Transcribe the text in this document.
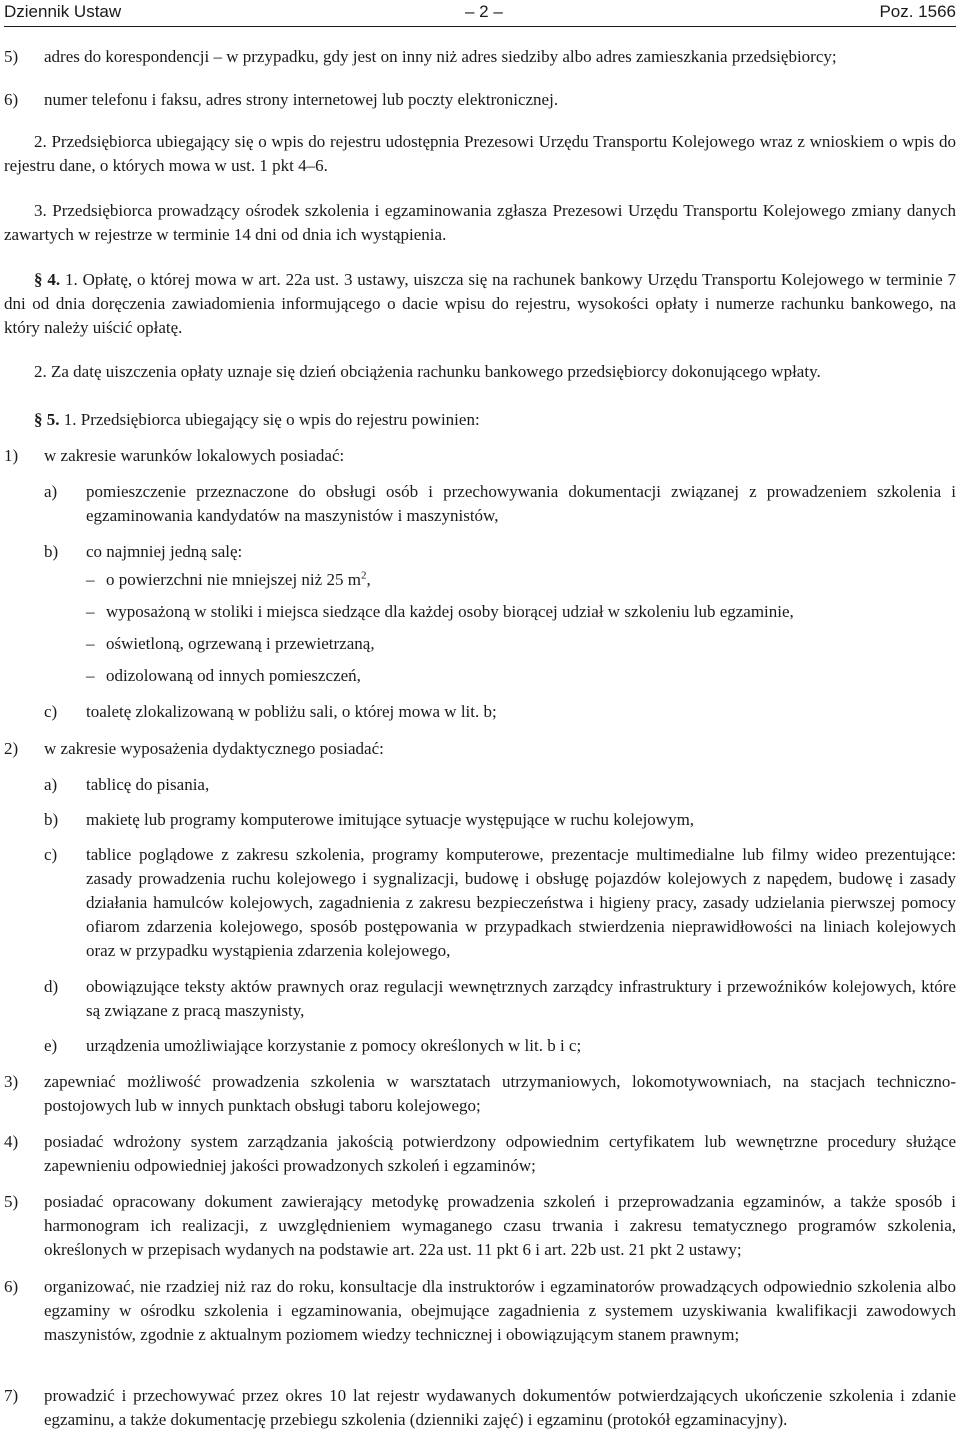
Dziennik Ustaw	– 2 –	Poz. 1566
5)	adres do korespondencji – w przypadku, gdy jest on inny niż adres siedziby albo adres zamieszkania przedsiębiorcy;
6)	numer telefonu i faksu, adres strony internetowej lub poczty elektronicznej.
2. Przedsiębiorca ubiegający się o wpis do rejestru udostępnia Prezesowi Urzędu Transportu Kolejowego wraz z wnioskiem o wpis do rejestru dane, o których mowa w ust. 1 pkt 4–6.
3. Przedsiębiorca prowadzący ośrodek szkolenia i egzaminowania zgłasza Prezesowi Urzędu Transportu Kolejowego zmiany danych zawartych w rejestrze w terminie 14 dni od dnia ich wystąpienia.
§ 4. 1. Opłatę, o której mowa w art. 22a ust. 3 ustawy, uiszcza się na rachunek bankowy Urzędu Transportu Kolejowego w terminie 7 dni od dnia doręczenia zawiadomienia informującego o dacie wpisu do rejestru, wysokości opłaty i numerze rachunku bankowego, na który należy uiścić opłatę.
2. Za datę uiszczenia opłaty uznaje się dzień obciążenia rachunku bankowego przedsiębiorcy dokonującego wpłaty.
§ 5. 1. Przedsiębiorca ubiegający się o wpis do rejestru powinien:
1)	w zakresie warunków lokalowych posiadać:
a)	pomieszczenie przeznaczone do obsługi osób i przechowywania dokumentacji związanej z prowadzeniem szkolenia i egzaminowania kandydatów na maszynistów i maszynistów,
b)	co najmniej jedną salę:
– o powierzchni nie mniejszej niż 25 $m^2$,
– wyposażoną w stoliki i miejsca siedzące dla każdej osoby biorącej udział w szkoleniu lub egzaminie,
– oświetloną, ogrzewaną i przewietrzaną,
– odizolowaną od innych pomieszczeń,
c)	toaletę zlokalizowaną w pobliżu sali, o której mowa w lit. b;
2)	w zakresie wyposażenia dydaktycznego posiadać:
a)	tablicę do pisania,
b)	makietę lub programy komputerowe imitujące sytuacje występujące w ruchu kolejowym,
c)	tablice poglądowe z zakresu szkolenia, programy komputerowe, prezentacje multimedialne lub filmy wideo prezentujące: zasady prowadzenia ruchu kolejowego i sygnalizacji, budowę i obsługę pojazdów kolejowych z napędem, budowę i zasady działania hamulców kolejowych, zagadnienia z zakresu bezpieczeństwa i higieny pracy, zasady udzielania pierwszej pomocy ofiarom zdarzenia kolejowego, sposób postępowania w przypadkach stwierdzenia nieprawidłowości na liniach kolejowych oraz w przypadku wystąpienia zdarzenia kolejowego,
d)	obowiązujące teksty aktów prawnych oraz regulacji wewnętrznych zarządcy infrastruktury i przewoźników kolejowych, które są związane z pracą maszynisty,
e)	urządzenia umożliwiające korzystanie z pomocy określonych w lit. b i c;
3)	zapewniać możliwość prowadzenia szkolenia w warsztatach utrzymaniowych, lokomotywowniach, na stacjach techniczno-postojowych lub w innych punktach obsługi taboru kolejowego;
4)	posiadać wdrożony system zarządzania jakością potwierdzony odpowiednim certyfikatem lub wewnętrzne procedury służące zapewnieniu odpowiedniej jakości prowadzonych szkoleń i egzaminów;
5)	posiadać opracowany dokument zawierający metodykę prowadzenia szkoleń i przeprowadzania egzaminów, a także sposób i harmonogram ich realizacji, z uwzględnieniem wymaganego czasu trwania i zakresu tematycznego programów szkolenia, określonych w przepisach wydanych na podstawie art. 22a ust. 11 pkt 6 i art. 22b ust. 21 pkt 2 ustawy;
6)	organizować, nie rzadziej niż raz do roku, konsultacje dla instruktorów i egzaminatorów prowadzących odpowiednio szkolenia albo egzaminy w ośrodku szkolenia i egzaminowania, obejmujące zagadnienia z systemem uzyskiwania kwalifikacji zawodowych maszynistów, zgodnie z aktualnym poziomem wiedzy technicznej i obowiązującym stanem prawnym;
7)	prowadzić i przechowywać przez okres 10 lat rejestr wydawanych dokumentów potwierdzających ukończenie szkolenia i zdanie egzaminu, a także dokumentację przebiegu szkolenia (dzienniki zajęć) i egzaminu (protokół egzaminacyjny).
